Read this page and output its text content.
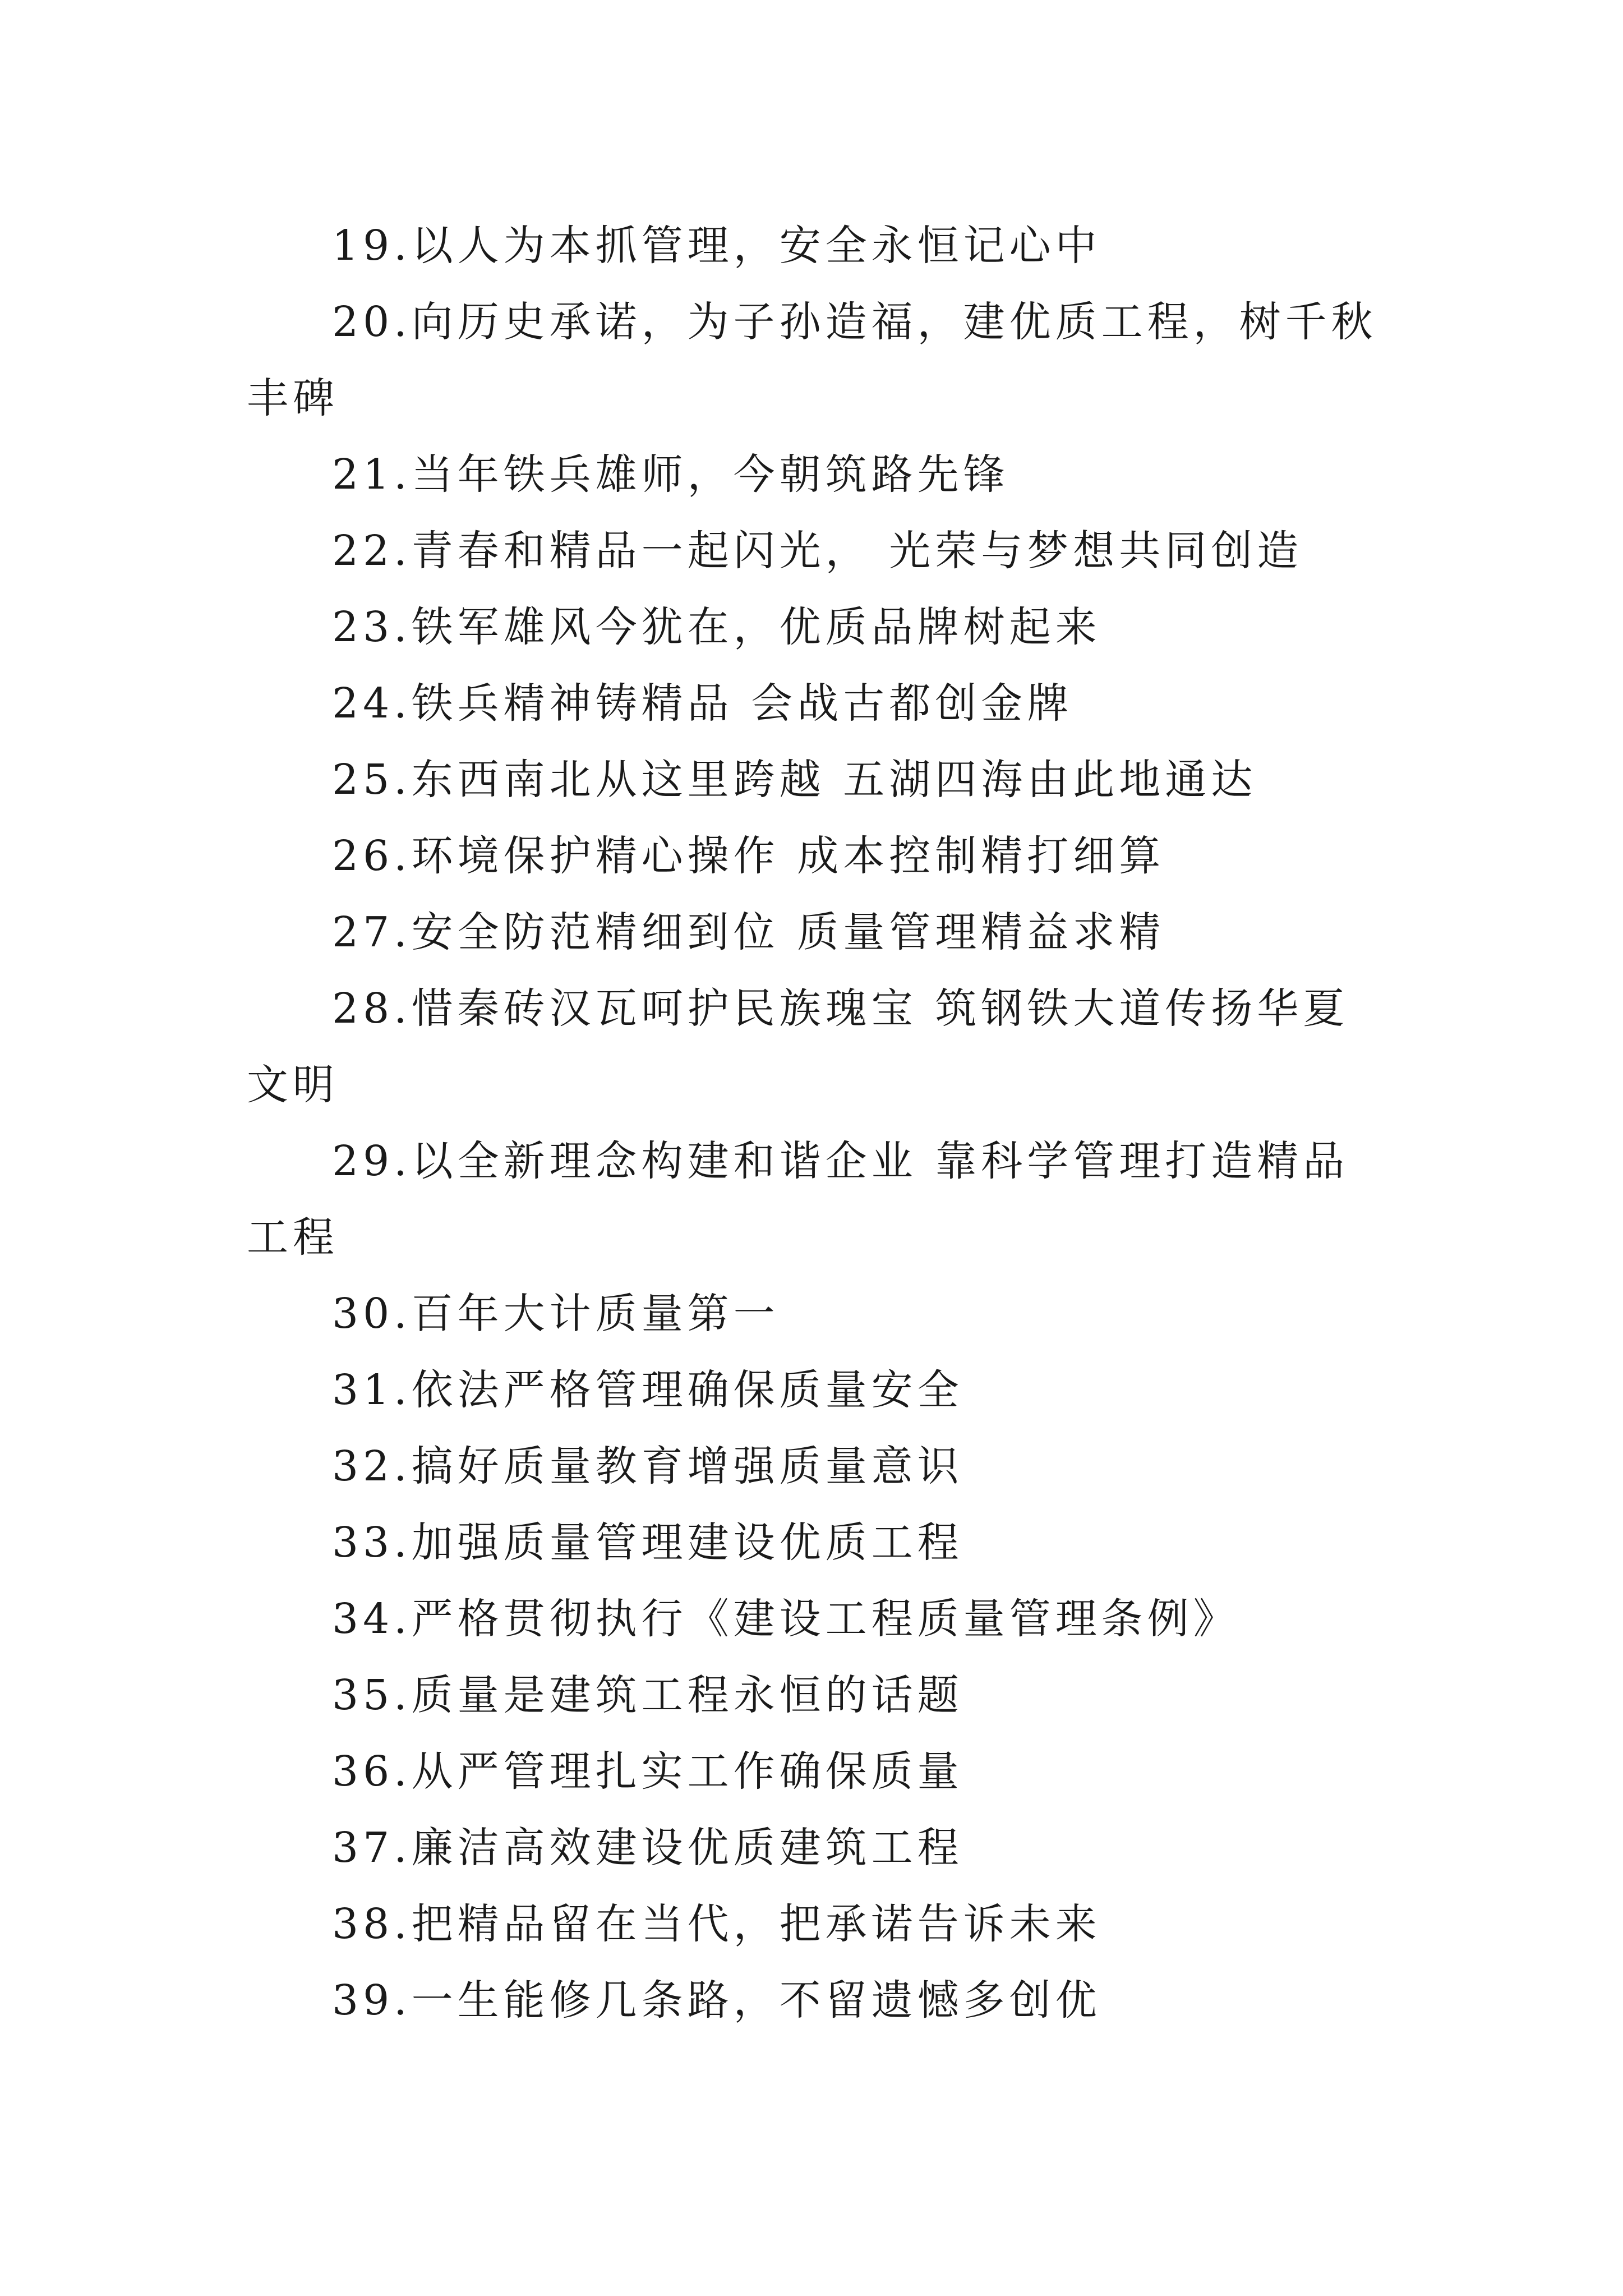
19.以人为本抓管理，安全永恒记心中

20.向历史承诺，为子孙造福，建优质工程，树千秋丰碑

21.当年铁兵雄师，今朝筑路先锋

22.青春和精品一起闪光， 光荣与梦想共同创造

23.铁军雄风今犹在，优质品牌树起来

24.铁兵精神铸精品 会战古都创金牌

25.东西南北从这里跨越 五湖四海由此地通达

26.环境保护精心操作 成本控制精打细算

27.安全防范精细到位 质量管理精益求精

28.惜秦砖汉瓦呵护民族瑰宝 筑钢铁大道传扬华夏文明

29.以全新理念构建和谐企业 靠科学管理打造精品工程

30.百年大计质量第一

31.依法严格管理确保质量安全

32.搞好质量教育增强质量意识

33.加强质量管理建设优质工程

34.严格贯彻执行《建设工程质量管理条例》

35.质量是建筑工程永恒的话题

36.从严管理扎实工作确保质量

37.廉洁高效建设优质建筑工程

38.把精品留在当代，把承诺告诉未来

39.一生能修几条路，不留遗憾多创优
